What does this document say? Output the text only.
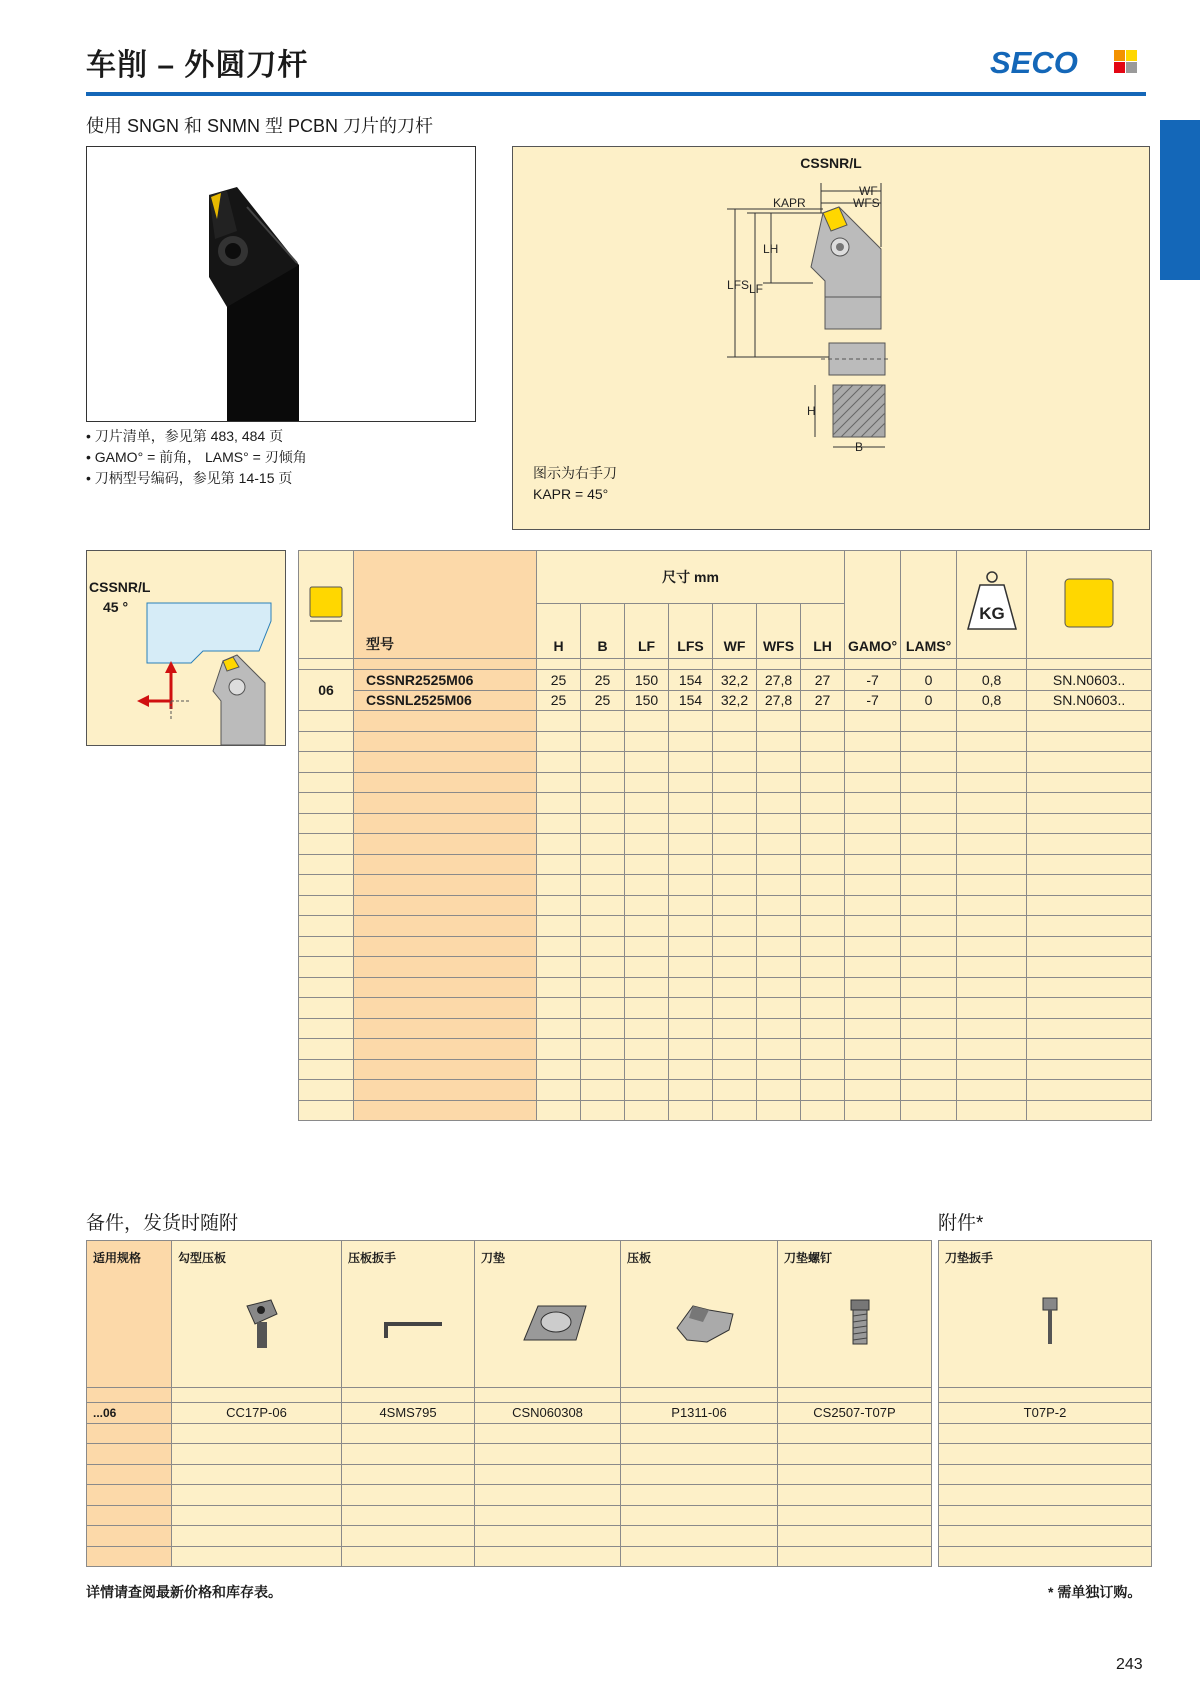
车削 – 外圆刀杆	SECO
使用 SNGN 和 SNMN 型 PCBN 刀片的刀杆
• 刀片清单，参见第 483, 484 页
• GAMO° = 前角， LAMS° = 刃倾角
• 刀柄型号编码，参见第 14-15 页
CSSNR/L
WF
WFS
KAPR
LH
LFS LF
H
B
图示为右手刀
KAPR = 45°
CSSNR/L
45 °
	型号	尺寸 mm							GAMO°	LAMS°	KG

		H	B	LF	LFS	WF	WFS	LH				

06	CSSNR2525M06	25	25	150	154	32,2	27,8	27	-7	0	0,8	SN.N0603..
	CSSNL2525M06	25	25	150	154	32,2	27,8	27	-7	0	0,8	SN.N0603..

备件，发货时随附	附件*
适用规格	勾型压板	压板扳手	刀垫	压板	刀垫螺钉

...06	CC17P-06	4SMS795	CSN060308	P1311-06	CS2507-T07P

刀垫扳手

T07P-2

详情请查阅最新价格和库存表。	* 需单独订购。
243
